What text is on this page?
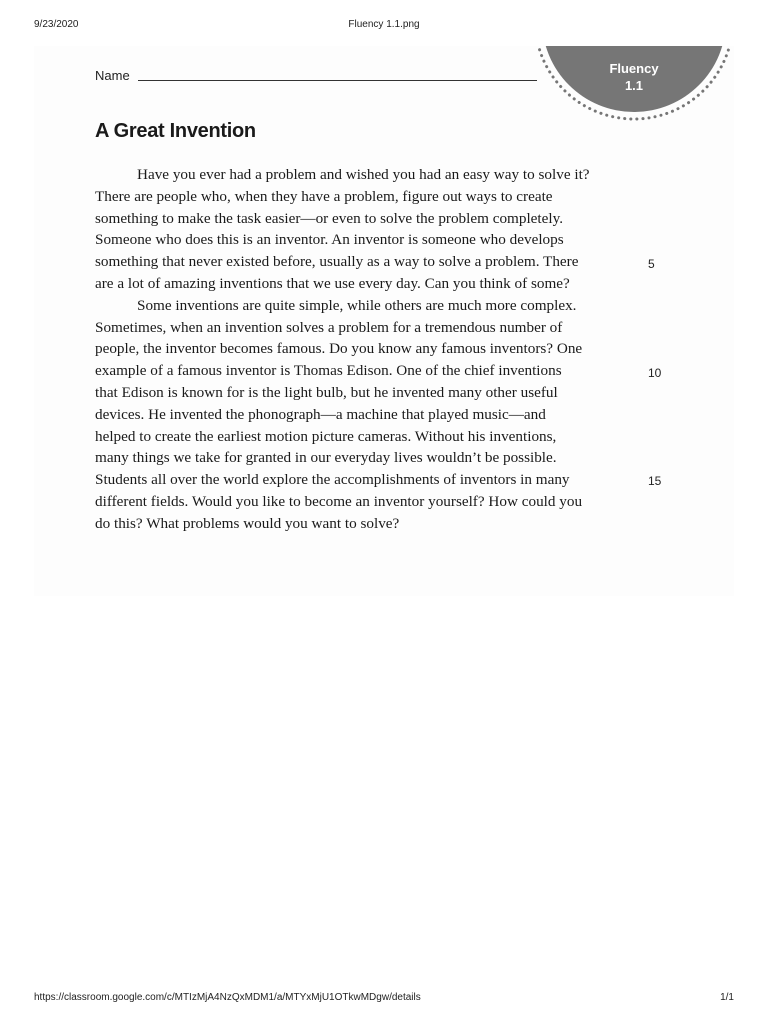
9/23/2020	Fluency 1.1.png
Fluency
1.1
Name
A Great Invention
Have you ever had a problem and wished you had an easy way to solve it?
There are people who, when they have a problem, figure out ways to create
something to make the task easier—or even to solve the problem completely.
Someone who does this is an inventor. An inventor is someone who develops
something that never existed before, usually as a way to solve a problem. There
are a lot of amazing inventions that we use every day. Can you think of some?
Some inventions are quite simple, while others are much more complex.
Sometimes, when an invention solves a problem for a tremendous number of
people, the inventor becomes famous. Do you know any famous inventors? One
example of a famous inventor is Thomas Edison. One of the chief inventions
that Edison is known for is the light bulb, but he invented many other useful
devices. He invented the phonograph—a machine that played music—and
helped to create the earliest motion picture cameras. Without his inventions,
many things we take for granted in our everyday lives wouldn’t be possible.
Students all over the world explore the accomplishments of inventors in many
different fields. Would you like to become an inventor yourself? How could you
do this? What problems would you want to solve?
5
10
15
https://classroom.google.com/c/MTIzMjA4NzQxMDM1/a/MTYxMjU1OTkwMDgw/details	1/1
